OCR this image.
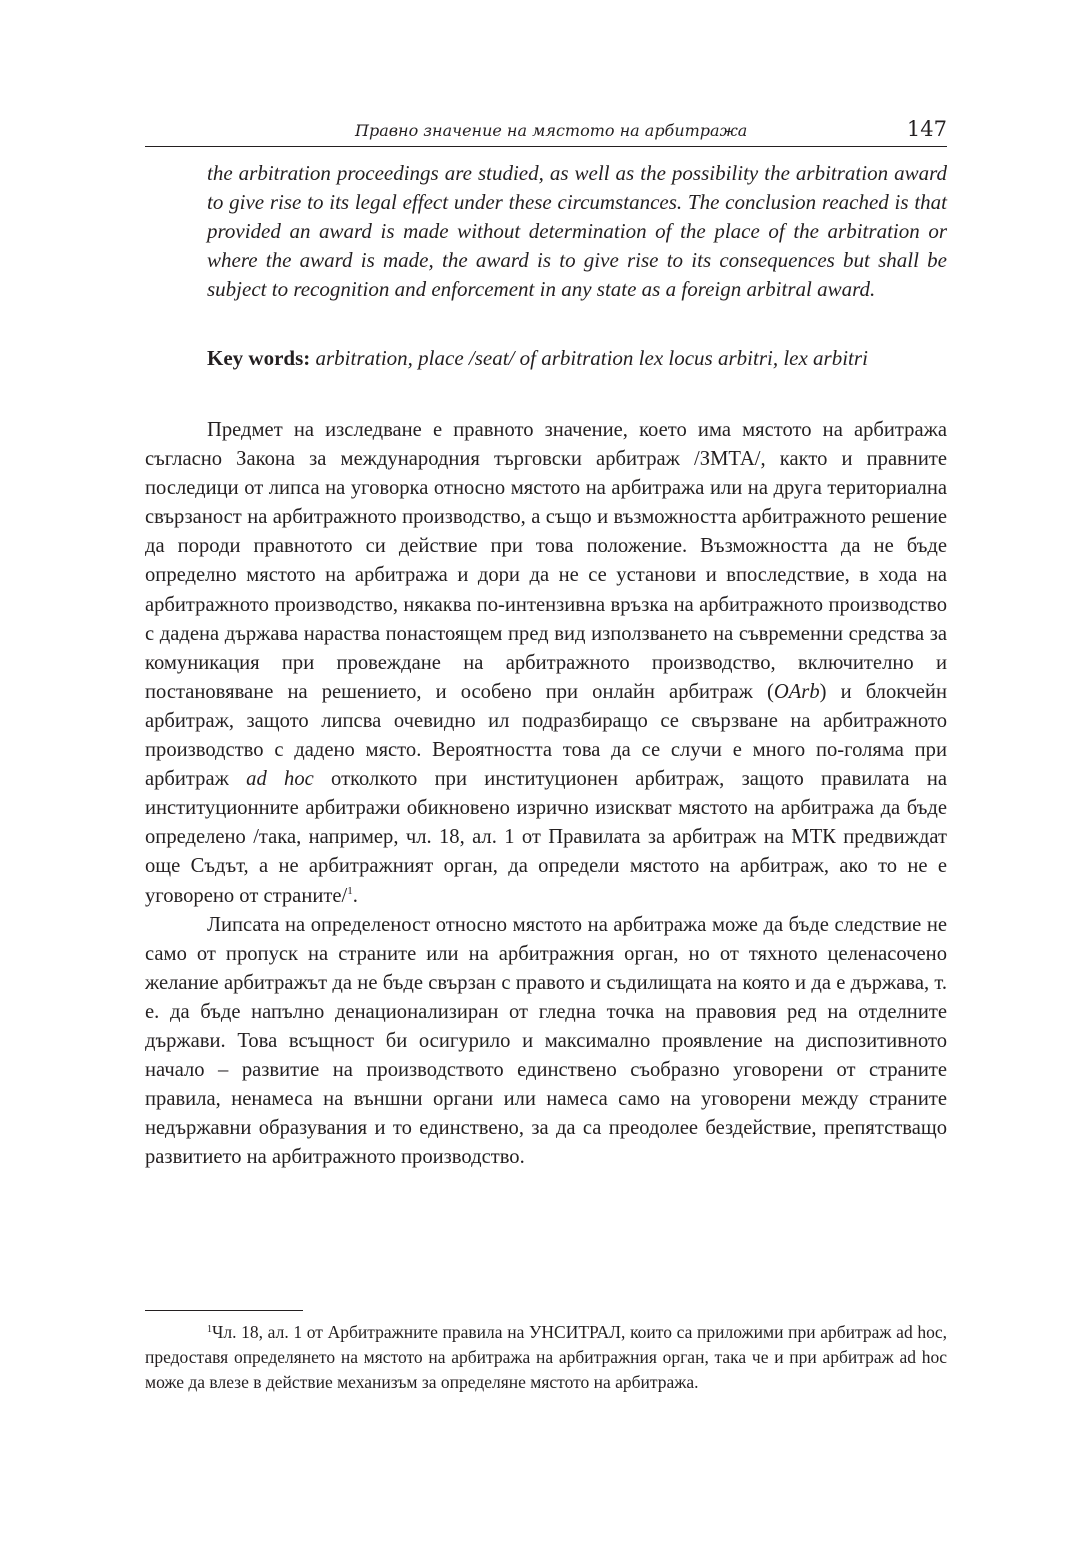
Правно значение на мястото на арбитража	147

the arbitration proceedings are studied, as well as the possibility the arbitration award to give rise to its legal effect under these circumstances. The conclusion reached is that provided an award is made without determination of the place of the arbitration or where the award is made, the award is to give rise to its consequences but shall be subject to recognition and enforcement in any state as a foreign arbitral award.

Key words: arbitration, place /seat/ of arbitration lex locus arbitri, lex arbitri

Предмет на изследване е правното значение, което има мястото на арбитража съгласно Закона за международния търговски арбитраж /ЗМТА/, както и правните последици от липса на уговорка относно мястото на арбитража или на друга териториална свързаност на арбитражното производство, а също и възможността арбитражното решение да породи правнотото си действие при това положение. Възможността да не бъде определно мястото на арбитража и дори да не се установи и впоследствие, в хода на арбитражното производство, някаква по-интензивна връзка на арбитражното производство с дадена държава нараства понастоящем пред вид използването на съвременни средства за комуникация при провеждане на арбитражното производство, включително и постановяване на решението, и особено при онлайн арбитраж (OArb) и блокчейн арбитраж, защото липсва очевидно ил подразбиращо се свързване на арбитражното производство с дадено място. Вероятността това да се случи е много по-голяма при арбитраж ad hoc отколкото при институционен арбитраж, защото правилата на институционните арбитражи обикновено изрично изискват мястото на арбитража да бъде определено /така, например, чл. 18, ал. 1 от Правилата за арбитраж на МТК предвиждат още Съдът, а не арбитражният орган, да определи мястото на арбитраж, ако то не е уговорено от страните/$^1$.

Липсата на определеност относно мястото на арбитража може да бъде следствие не само от пропуск на страните или на арбитражния орган, но от тяхното целенасочено желание арбитражът да не бъде свързан с правото и съдилищата на която и да е държава, т. е. да бъде напълно денационализиран от гледна точка на правовия ред на отделните държави. Това всъщност би осигурило и максимално проявление на диспозитивното начало – развитие на производството единствено съобразно уговорени от страните правила, ненамеса на външни органи или намеса само на уговорени между страните недържавни образувания и то единствено, за да са преодолее бездействие, препятстващо развитието на арбитражното производство.

$^1$Чл. 18, ал. 1 от Арбитражните правила на УНСИТРАЛ, които са приложими при арбитраж ad hoc, предоставя определянето на мястото на арбитража на арбитражния орган, така че и при арбитраж ad hoc може да влезе в действие механизъм за определяне мястото на арбитража.
